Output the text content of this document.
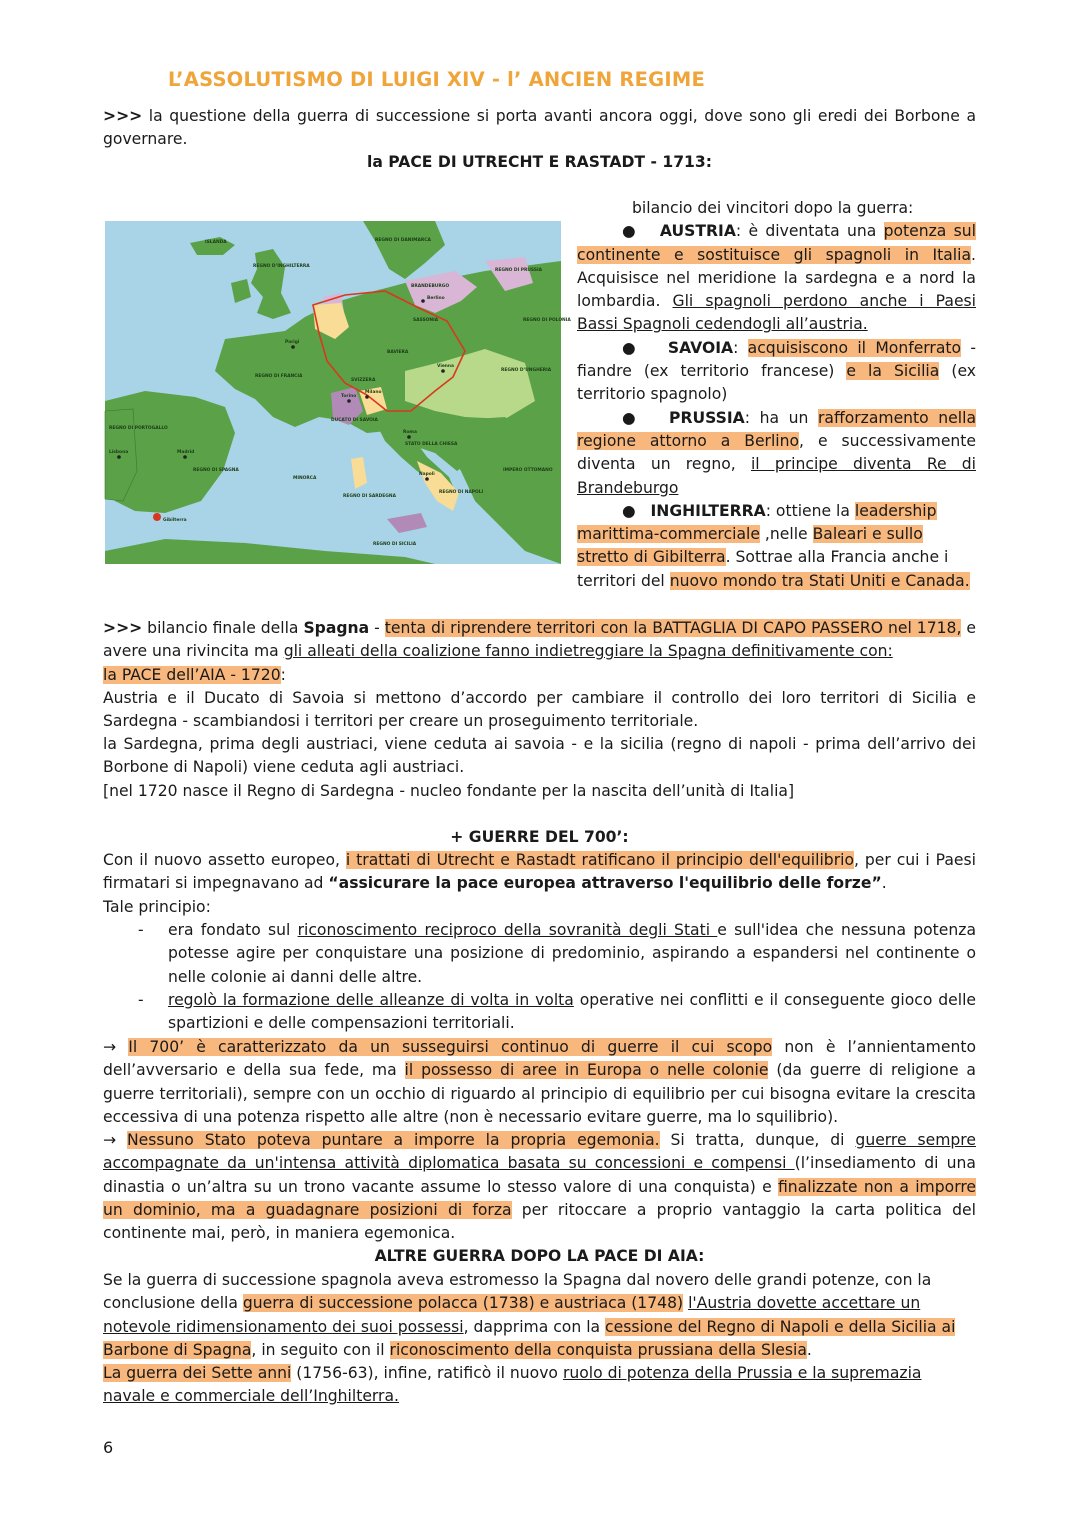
L’ASSOLUTISMO DI LUIGI XIV - l’ ANCIEN REGIME
>>> la questione della guerra di successione si porta avanti ancora oggi, dove sono gli eredi dei Borbone a governare.
la PACE DI UTRECHT E RASTADT - 1713:
ISLANDA
REGNO D’INGHILTERRA
REGNO DI DANIMARCA
BRANDEBURGO
REGNO DI PRUSSIA
Berlino
SASSONIA	REGNO DI POLONIA
REGNO DI FRANCIA
BAVIERA
REGNO D’UNGHERIA
SVIZZERA
DUCATO DI SAVOIA
STATO DELLA CHIESA
REGNO DI PORTOGALLO
REGNO DI SPAGNA
MINORCA
REGNO DI SARDEGNA
REGNO DI NAPOLI
IMPERO OTTOMANO
REGNO DI SICILIA
Gibilterra
Parigi
Vienna
Madrid
Lisbona
Roma
Napoli
Torino
Milano
bilancio dei vincitori dopo la guerra:
● AUSTRIA: è diventata una potenza sul continente e sostituisce gli spagnoli in Italia. Acquisisce nel meridione la sardegna e a nord la lombardia. Gli spagnoli perdono anche i Paesi Bassi Spagnoli cedendogli all’austria.
● SAVOIA: acquisiscono il Monferrato - fiandre (ex territorio francese) e la Sicilia (ex territorio spagnolo)
● PRUSSIA: ha un rafforzamento nella regione attorno a Berlino, e successivamente diventa un regno, il principe diventa Re di Brandeburgo
● INGHILTERRA: ottiene la leadership marittima-commerciale ,nelle Baleari e sullo stretto di Gibilterra. Sottrae alla Francia anche i territori del nuovo mondo tra Stati Uniti e Canada.
>>> bilancio finale della Spagna - tenta di riprendere territori con la BATTAGLIA DI CAPO PASSERO nel 1718, e avere una rivincita ma gli alleati della coalizione fanno indietreggiare la Spagna definitivamente con:
la PACE dell’AIA - 1720:
Austria e il Ducato di Savoia si mettono d’accordo per cambiare il controllo dei loro territori di Sicilia e Sardegna - scambiandosi i territori per creare un proseguimento territoriale.
la Sardegna, prima degli austriaci, viene ceduta ai savoia - e la sicilia (regno di napoli - prima dell’arrivo dei Borbone di Napoli) viene ceduta agli austriaci.
[nel 1720 nasce il Regno di Sardegna - nucleo fondante per la nascita dell’unità di Italia]
+ GUERRE DEL 700’:
Con il nuovo assetto europeo, i trattati di Utrecht e Rastadt ratificano il principio dell'equilibrio, per cui i Paesi firmatari si impegnavano ad “assicurare la pace europea attraverso l'equilibrio delle forze”.
Tale principio:
- era fondato sul riconoscimento reciproco della sovranità degli Stati e sull'idea che nessuna potenza potesse agire per conquistare una posizione di predominio, aspirando a espandersi nel continente o nelle colonie ai danni delle altre.
- regolò la formazione delle alleanze di volta in volta operative nei conflitti e il conseguente gioco delle spartizioni e delle compensazioni territoriali.
→ Il 700’ è caratterizzato da un susseguirsi continuo di guerre il cui scopo non è l’annientamento dell’avversario e della sua fede, ma il possesso di aree in Europa o nelle colonie (da guerre di religione a guerre territoriali), sempre con un occhio di riguardo al principio di equilibrio per cui bisogna evitare la crescita eccessiva di una potenza rispetto alle altre (non è necessario evitare guerre, ma lo squilibrio).
→ Nessuno Stato poteva puntare a imporre la propria egemonia. Si tratta, dunque, di guerre sempre accompagnate da un'intensa attività diplomatica basata su concessioni e compensi (l’insediamento di una dinastia o un’altra su un trono vacante assume lo stesso valore di una conquista) e finalizzate non a imporre un dominio, ma a guadagnare posizioni di forza per ritoccare a proprio vantaggio la carta politica del continente mai, però, in maniera egemonica.
ALTRE GUERRA DOPO LA PACE DI AIA:
Se la guerra di successione spagnola aveva estromesso la Spagna dal novero delle grandi potenze, con la conclusione della guerra di successione polacca (1738) e austriaca (1748) l'Austria dovette accettare un notevole ridimensionamento dei suoi possessi, dapprima con la cessione del Regno di Napoli e della Sicilia ai Barbone di Spagna, in seguito con il riconoscimento della conquista prussiana della Slesia.
La guerra dei Sette anni (1756-63), infine, ratificò il nuovo ruolo di potenza della Prussia e la supremazia navale e commerciale dell’Inghilterra.
6
